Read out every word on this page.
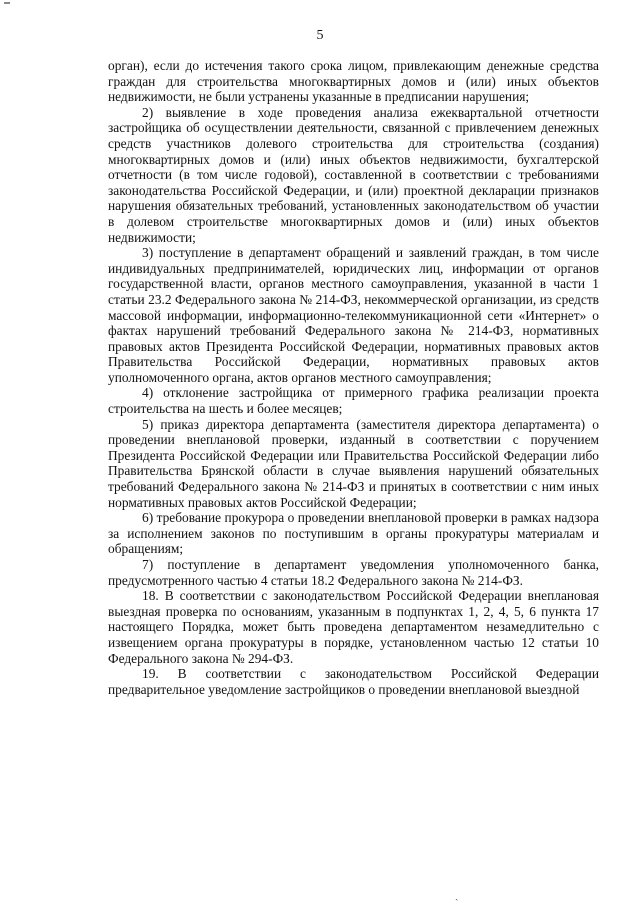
5

орган), если до истечения такого срока лицом, привлекающим денежные средства граждан для строительства многоквартирных домов и (или) иных объектов недвижимости, не были устранены указанные в предписании нарушения;

2) выявление в ходе проведения анализа ежеквартальной отчетности застройщика об осуществлении деятельности, связанной с привлечением денежных средств участников долевого строительства для строительства (создания) многоквартирных домов и (или) иных объектов недвижимости, бухгалтерской отчетности (в том числе годовой), составленной в соответствии с требованиями законодательства Российской Федерации, и (или) проектной декларации признаков нарушения обязательных требований, установленных законодательством об участии в долевом строительстве многоквартирных домов и (или) иных объектов недвижимости;

3) поступление в департамент обращений и заявлений граждан, в том числе индивидуальных предпринимателей, юридических лиц, информации от органов государственной власти, органов местного самоуправления, указанной в части 1 статьи 23.2 Федерального закона № 214-ФЗ, некоммерческой организации, из средств массовой информации, информационно-телекоммуникационной сети «Интернет» о фактах нарушений требований Федерального закона № 214-ФЗ, нормативных правовых актов Президента Российской Федерации, нормативных правовых актов Правительства Российской Федерации, нормативных правовых актов уполномоченного органа, актов органов местного самоуправления;

4) отклонение застройщика от примерного графика реализации проекта строительства на шесть и более месяцев;

5) приказ директора департамента (заместителя директора департамента) о проведении внеплановой проверки, изданный в соответствии с поручением Президента Российской Федерации или Правительства Российской Федерации либо Правительства Брянской области в случае выявления нарушений обязательных требований Федерального закона № 214-ФЗ и принятых в соответствии с ним иных нормативных правовых актов Российской Федерации;

6) требование прокурора о проведении внеплановой проверки в рамках надзора за исполнением законов по поступившим в органы прокуратуры материалам и обращениям;

7) поступление в департамент уведомления уполномоченного банка, предусмотренного частью 4 статьи 18.2 Федерального закона № 214-ФЗ.

18. В соответствии с законодательством Российской Федерации внеплановая выездная проверка по основаниям, указанным в подпунктах 1, 2, 4, 5, 6 пункта 17 настоящего Порядка, может быть проведена департаментом незамедлительно с извещением органа прокуратуры в порядке, установленном частью 12 статьи 10 Федерального закона № 294-ФЗ.

19. В соответствии с законодательством Российской Федерации предварительное уведомление застройщиков о проведении внеплановой выездной

ˎ
